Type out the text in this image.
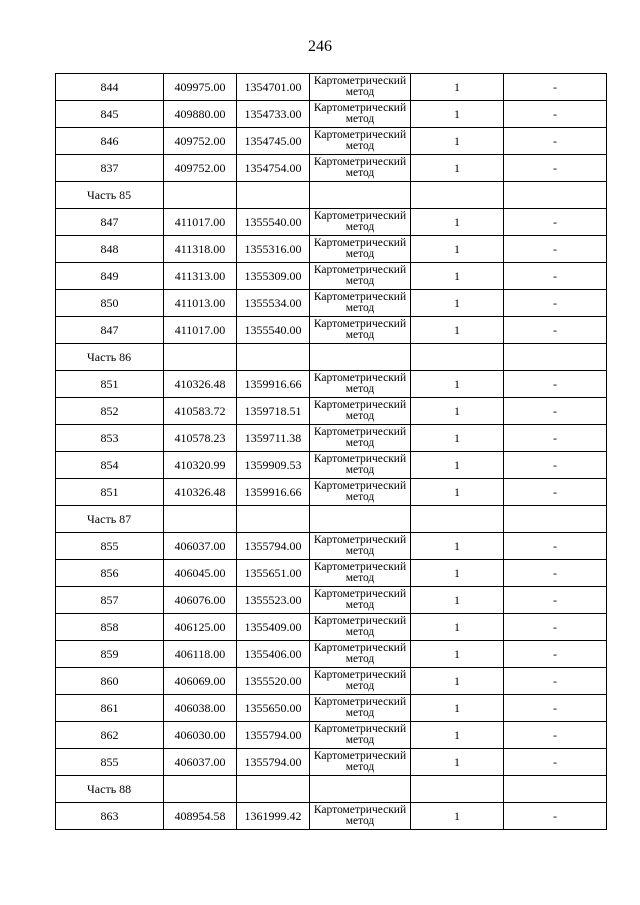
246
844	409975.00	1354701.00	Картометрический метод	1	-
845	409880.00	1354733.00	Картометрический метод	1	-
846	409752.00	1354745.00	Картометрический метод	1	-
837	409752.00	1354754.00	Картометрический метод	1	-
Часть 85					
847	411017.00	1355540.00	Картометрический метод	1	-
848	411318.00	1355316.00	Картометрический метод	1	-
849	411313.00	1355309.00	Картометрический метод	1	-
850	411013.00	1355534.00	Картометрический метод	1	-
847	411017.00	1355540.00	Картометрический метод	1	-
Часть 86					
851	410326.48	1359916.66	Картометрический метод	1	-
852	410583.72	1359718.51	Картометрический метод	1	-
853	410578.23	1359711.38	Картометрический метод	1	-
854	410320.99	1359909.53	Картометрический метод	1	-
851	410326.48	1359916.66	Картометрический метод	1	-
Часть 87					
855	406037.00	1355794.00	Картометрический метод	1	-
856	406045.00	1355651.00	Картометрический метод	1	-
857	406076.00	1355523.00	Картометрический метод	1	-
858	406125.00	1355409.00	Картометрический метод	1	-
859	406118.00	1355406.00	Картометрический метод	1	-
860	406069.00	1355520.00	Картометрический метод	1	-
861	406038.00	1355650.00	Картометрический метод	1	-
862	406030.00	1355794.00	Картометрический метод	1	-
855	406037.00	1355794.00	Картометрический метод	1	-
Часть 88					
863	408954.58	1361999.42	Картометрический метод	1	-
